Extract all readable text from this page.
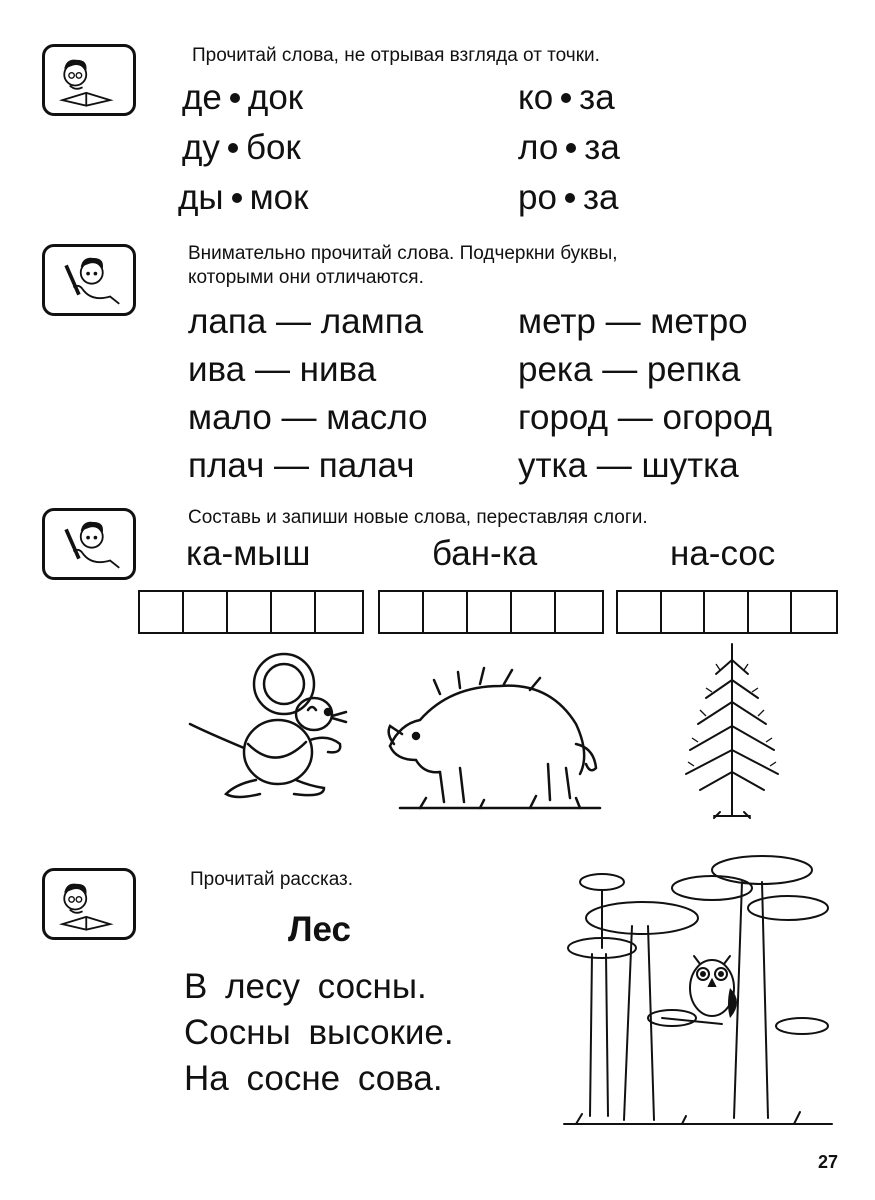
Прочитай слова, не отрывая взгляда от точки.
де док
ду бок
ды мок
ко за
ло за
ро за
Внимательно прочитай слова. Подчеркни буквы,
которыми они отличаются.
лапа — лампа
ива — нива
мало — масло
плач — палач
метр — метро
река — репка
город — огород
утка — шутка
Составь и запиши новые слова, переставляя слоги.
ка-мыш	бан-ка	на-сос
Прочитай рассказ.
Лес
В лесу сосны.
Сосны высокие.
На сосне сова.
27
